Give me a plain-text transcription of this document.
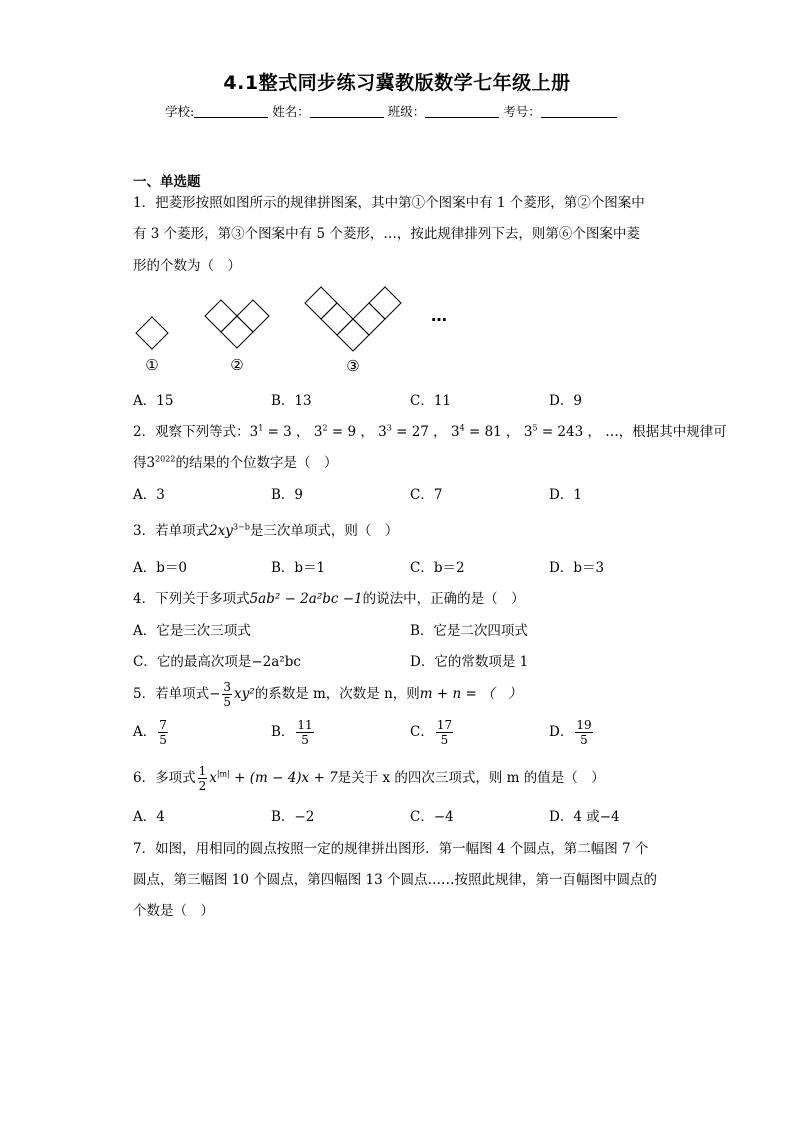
4.1整式同步练习冀教版数学七年级上册
学校:	姓名：	班级：	考号：
一、单选题
1．把菱形按照如图所示的规律拼图案，其中第①个图案中有 1 个菱形，第②个图案中
有 3 个菱形，第③个图案中有 5 个菱形，…，按此规律排列下去，则第⑥个图案中菱
形的个数为（　）
①	②	③
…
A．15	B．13	C．11	D．9
2．观察下列等式：$3^1 = 3$ ， $3^2 = 9$ ， $3^3 = 27$ ， $3^4 = 81$ ， $3^5 = 243$ ， …，根据其中规律可
得$3^{2022}$的结果的个位数字是（　）
A．3	B．9	C．7	D．1
3．若单项式$2xy^{3-b}$是三次单项式，则（　）
A．b＝0	B．b＝1	C．b＝2	D．b＝3
4．下列关于多项式5ab² − 2a²bc −1的说法中，正确的是（　）
A．它是三次三项式	B．它是二次四项式
C．它的最高次项是−2a²bc	D．它的常数项是 1
5．若单项式− $\frac{3}{5} xy^2$的系数是 m，次数是 n，则m + n = （　）
A． $\frac{7}{5}$	B． $\frac{11}{5}$	C． $\frac{17}{5}$	D． $\frac{19}{5}$
6．多项式 $\frac{1}{2} x^{|m|} + (m - 4)x + 7$是关于 x 的四次三项式，则 m 的值是（　）
A．4	B．−2	C．−4	D．4 或−4
7．如图，用相同的圆点按照一定的规律拼出图形．第一幅图 4 个圆点，第二幅图 7 个
圆点，第三幅图 10 个圆点，第四幅图 13 个圆点……按照此规律，第一百幅图中圆点的
个数是（　）
